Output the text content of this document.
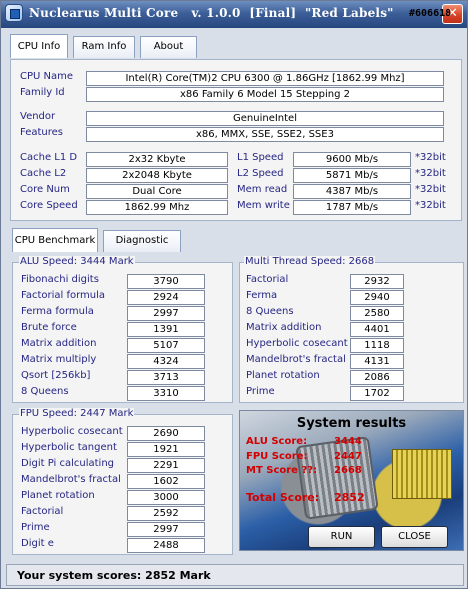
Nuclearus Multi Core   v. 1.0.0  [Final]  "Red Labels"	✕
CPU Info	Ram Info	About
CPU Name	Intel(R) Core(TM)2 CPU 6300 @ 1.86GHz [1862.99 Mhz]
Family Id	x86 Family 6 Model 15 Stepping 2
Vendor	GenuineIntel
Features	x86, MMX, SSE, SSE2, SSE3
Cache L1 D	2x32 Kbyte
Cache L2	2x2048 Kbyte
Core Num	Dual Core
Core Speed	1862.99 Mhz
L1 Speed	9600 Mb/s	*32bit
L2 Speed	5871 Mb/s	*32bit
Mem read	4387 Mb/s	*32bit
Mem write	1787 Mb/s	*32bit
CPU Benchmark	Diagnostic
ALU Speed: 3444 Mark
Fibonachi digits	3790
Factorial formula	2924
Ferma formula	2997
Brute force	1391
Matrix addition	5107
Matrix multiply	4324
Qsort [256kb]	3713
8 Queens	3310
Multi Thread Speed: 2668
Factorial	2932
Ferma	2940
8 Queens	2580
Matrix addition	4401
Hyperbolic cosecant	1118
Mandelbrot's fractal	4131
Planet rotation	2086
Prime	1702
FPU Speed: 2447 Mark
Hyperbolic cosecant	2690
Hyperbolic tangent	1921
Digit Pi calculating	2291
Mandelbrot's fractal	1602
Planet rotation	3000
Factorial	2592
Prime	2997
Digit e	2488
System results
ALU Score:	3444
FPU Score:	2447
MT Score ??: 2668
Total Score: 2852
RUN	CLOSE
Your system scores: 2852 Mark
#606618
